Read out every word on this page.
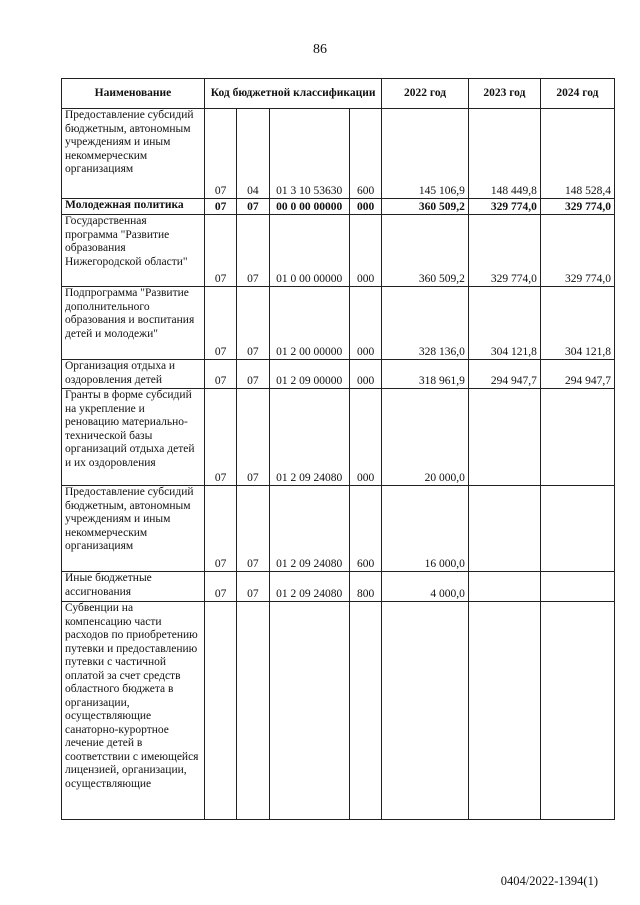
86
Наименование	Код бюджетной классификации				2022 год	2023 год	2024 год
Предоставление субсидий бюджетным, автономным учреждениям и иным некоммерческим организациям	07	04	01 3 10 53630	600	145 106,9	148 449,8	148 528,4
Молодежная политика	07	07	00 0 00 00000	000	360 509,2	329 774,0	329 774,0
Государственная программа "Развитие образования Нижегородской области"	07	07	01 0 00 00000	000	360 509,2	329 774,0	329 774,0
Подпрограмма "Развитие дополнительного образования и воспитания детей и молодежи"	07	07	01 2 00 00000	000	328 136,0	304 121,8	304 121,8
Организация отдыха и оздоровления детей	07	07	01 2 09 00000	000	318 961,9	294 947,7	294 947,7
Гранты в форме субсидий на укрепление и реновацию материально-технической базы организаций отдыха детей и их оздоровления	07	07	01 2 09 24080	000	20 000,0		
Предоставление субсидий бюджетным, автономным учреждениям и иным некоммерческим организациям	07	07	01 2 09 24080	600	16 000,0		
Иные бюджетные ассигнования	07	07	01 2 09 24080	800	4 000,0		
Субвенции на компенсацию части расходов по приобретению путевки и предоставлению путевки с частичной оплатой за счет средств областного бюджета в организации, осуществляющие санаторно-курортное лечение детей в соответствии с имеющейся лицензией, организации, осуществляющие							
0404/2022-1394(1)
